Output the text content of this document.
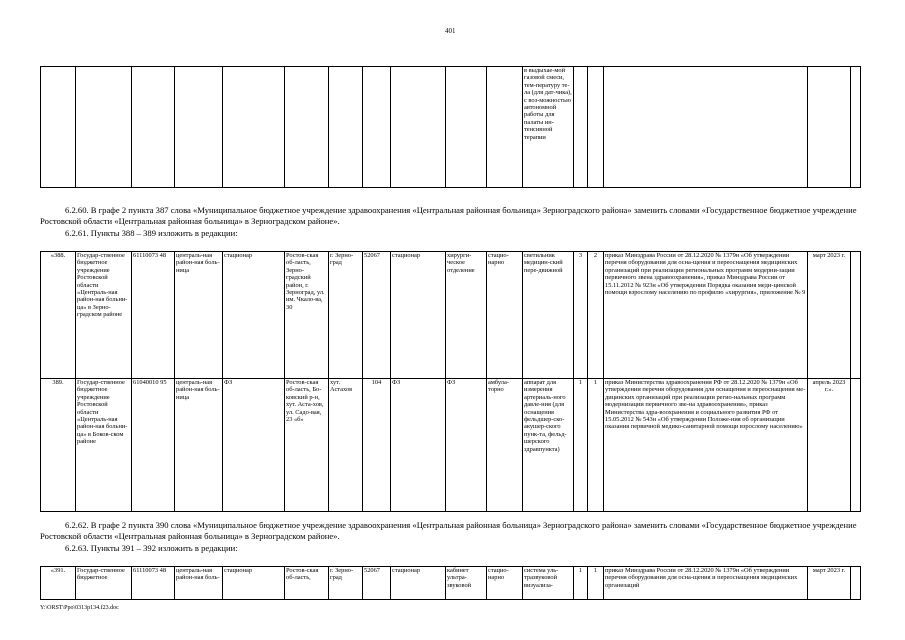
401
											в выдыхае-мой газовой смеси, тем-пературу те-ла (для дат-чика), с воз-можностью автономной работы для палаты ин-тенсивной терапии					
6.2.60. В графе 2 пункта 387 слова «Муниципальное бюджетное учреждение здравоохранения «Центральная районная больница» Зерноградского района» заменить словами «Государственное бюджетное учреждение Ростовской области «Центральная районная больница» в Зерноградском районе».
6.2.61. Пункты 388 – 389 изложить в редакции:
«388.	Государ-ственное бюджетное учреждение Ростовской области «Централь-ная район-ная больни-ца» в Зерно-градском районе	61110073 48	централь-ная район-ная боль-ница	стационар	Ростов-ская об-ласть, Зерно-градский район, г. Зерноград, ул. им. Чкало-ва, 30	г. Зерно-град	52067	стационар	хирурги-ческое отделение	стацио-нарно	светильник медицин-ский пере-движной	3	2	приказ Минздрава России от 28.12.2020 № 1379н «Об утверждении перечня оборудования для осна-щения и переоснащения медицинских организаций при реализации региональных программ модерни-зации первичного звена здравоохранения», приказ Минздрава России от 15.11.2012 № 923н «Об утверждении Порядка оказания меди-цинской помощи взрослому населению по профилю «хирургия», приложение № 9	март 2023 г.	
389.	Государ-ственное бюджетное учреждение Ростовской области «Централь-ная район-ная больни-ца» в Боков-ском районе	61040010 95	централь-ная район-ная боль-ница	ФЗ	Ростов-ская об-ласть, Бо-ковский р-н, хут. Аста-хов, ул. Садо-вая, 23 «б»	хут. Астахов	104	ФЗ	ФЗ	амбула-торно	аппарат для измерения артериаль-ного давле-ния (для оснащения фельдшер-ско-акушер-ского пунк-та, фельд-шерского здравпункта)	1	1	приказ Министерства здравоохранения РФ от 28.12.2020 № 1379н «Об утверждении перечня оборудования для оснащения и переоснащения ме-дицинских организаций при реализации регио-нальных программ модернизации первичного зве-на здравоохранения», приказ Министерства здра-воохранения и социального развития РФ от 15.05.2012 № 543н «Об утверждении Положе-ния об организации оказания первичной медико-санитарной помощи взрослому населению»	апрель 2023 г.».	
6.2.62. В графе 2 пункта 390 слова «Муниципальное бюджетное учреждение здравоохранения «Центральная районная больница» Зерноградского района» заменить словами «Государственное бюджетное учреждение Ростовской области «Центральная районная больница» в Зерноградском районе».
6.2.63. Пункты 391 – 392 изложить в редакции:
«391.	Государ-ственное бюджетное	61110073 48	централь-ная район-ная боль-	стационар	Ростов-ская об-ласть,	г. Зерно-град	52067	стационар	кабинет ультра-звуковой	стацио-нарно	система уль-тразвуковой визуализа-	1	1	приказ Минздрава России от 28.12.2020 № 1379н «Об утверждении перечня оборудования для осна-щения и переоснащения медицинских организаций	март 2023 г.	
Y:\ORST\Ppo\0313p134.f23.doc
